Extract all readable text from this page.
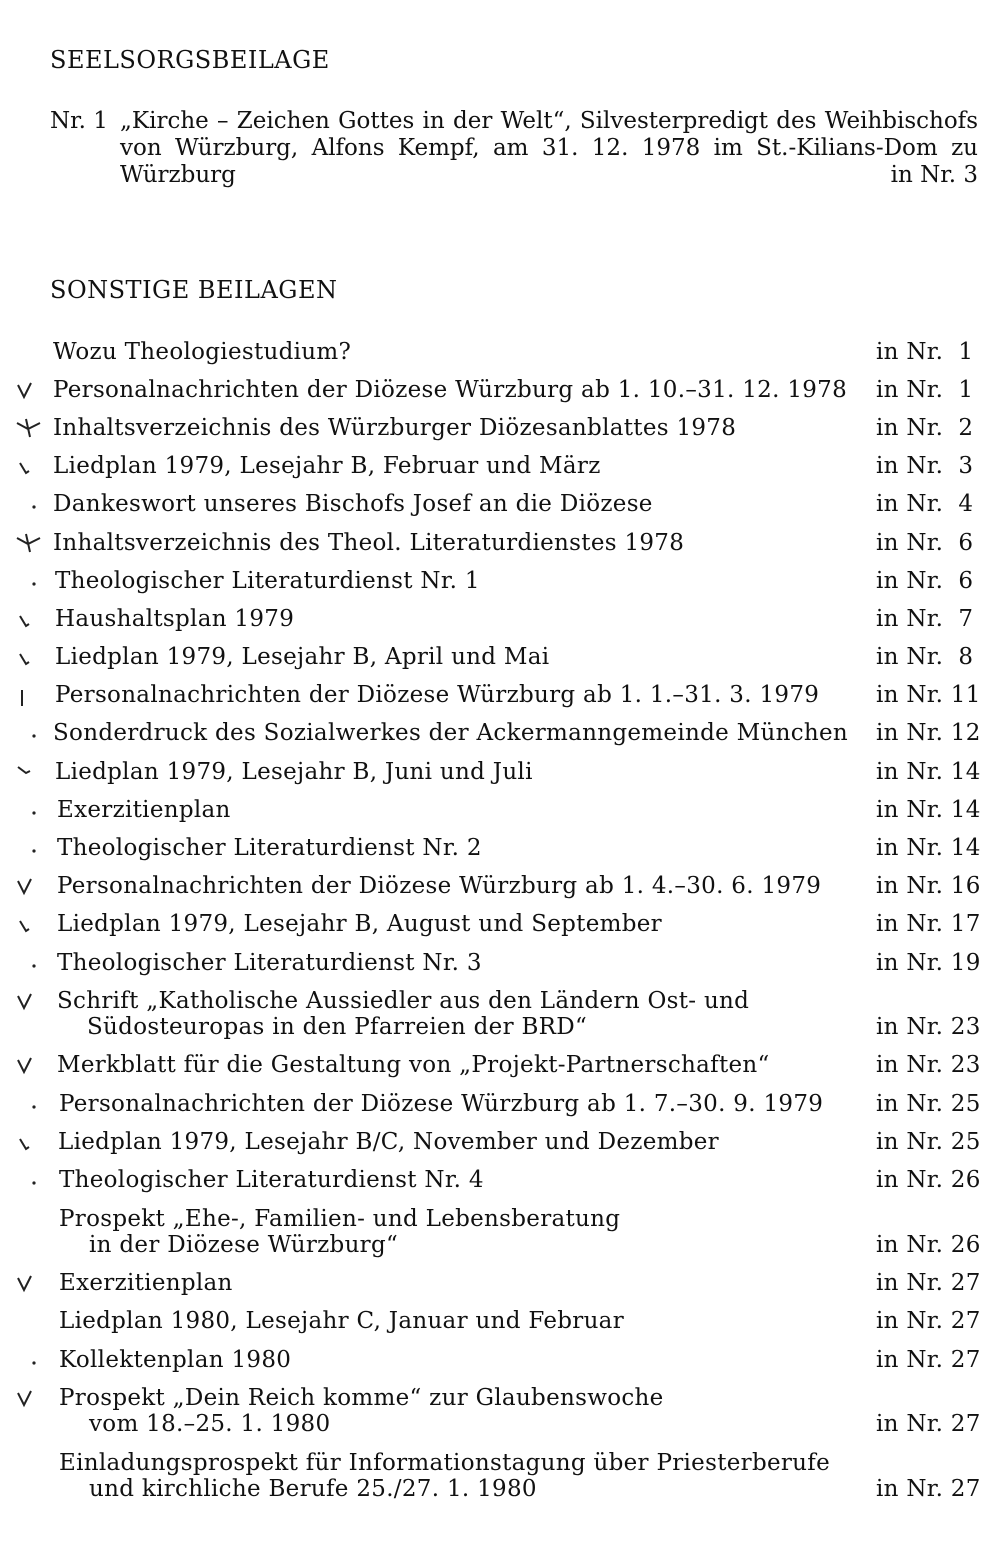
SEELSORGSBEILAGE
Nr. 1 „Kirche – Zeichen Gottes in der Welt“, Silvesterpredigt des Weihbischofs von Würzburg, Alfons Kempf, am 31. 12. 1978 im St.-Kilians-Dom zu Würzburg	in Nr. 3
SONSTIGE BEILAGEN
Wozu Theologiestudium?	in Nr.  1
Personalnachrichten der Diözese Würzburg ab 1. 10.–31. 12. 1978	in Nr.  1
Inhaltsverzeichnis des Würzburger Diözesanblattes 1978	in Nr.  2
Liedplan 1979, Lesejahr B, Februar und März	in Nr.  3
Dankeswort unseres Bischofs Josef an die Diözese	in Nr.  4
Inhaltsverzeichnis des Theol. Literaturdienstes 1978	in Nr.  6
Theologischer Literaturdienst Nr. 1	in Nr.  6
Haushaltsplan 1979	in Nr.  7
Liedplan 1979, Lesejahr B, April und Mai	in Nr.  8
Personalnachrichten der Diözese Würzburg ab 1. 1.–31. 3. 1979	in Nr. 11
Sonderdruck des Sozialwerkes der Ackermanngemeinde München	in Nr. 12
Liedplan 1979, Lesejahr B, Juni und Juli	in Nr. 14
Exerzitienplan	in Nr. 14
Theologischer Literaturdienst Nr. 2	in Nr. 14
Personalnachrichten der Diözese Würzburg ab 1. 4.–30. 6. 1979	in Nr. 16
Liedplan 1979, Lesejahr B, August und September	in Nr. 17
Theologischer Literaturdienst Nr. 3	in Nr. 19
Schrift „Katholische Aussiedler aus den Ländern Ost- und
Südosteuropas in den Pfarreien der BRD“	in Nr. 23
Merkblatt für die Gestaltung von „Projekt-Partnerschaften“	in Nr. 23
Personalnachrichten der Diözese Würzburg ab 1. 7.–30. 9. 1979	in Nr. 25
Liedplan 1979, Lesejahr B/C, November und Dezember	in Nr. 25
Theologischer Literaturdienst Nr. 4	in Nr. 26
Prospekt „Ehe-, Familien- und Lebensberatung
in der Diözese Würzburg“	in Nr. 26
Exerzitienplan	in Nr. 27
Liedplan 1980, Lesejahr C, Januar und Februar	in Nr. 27
Kollektenplan 1980	in Nr. 27
Prospekt „Dein Reich komme“ zur Glaubenswoche
vom 18.–25. 1. 1980	in Nr. 27
Einladungsprospekt für Informationstagung über Priesterberufe
und kirchliche Berufe 25./27. 1. 1980	in Nr. 27
